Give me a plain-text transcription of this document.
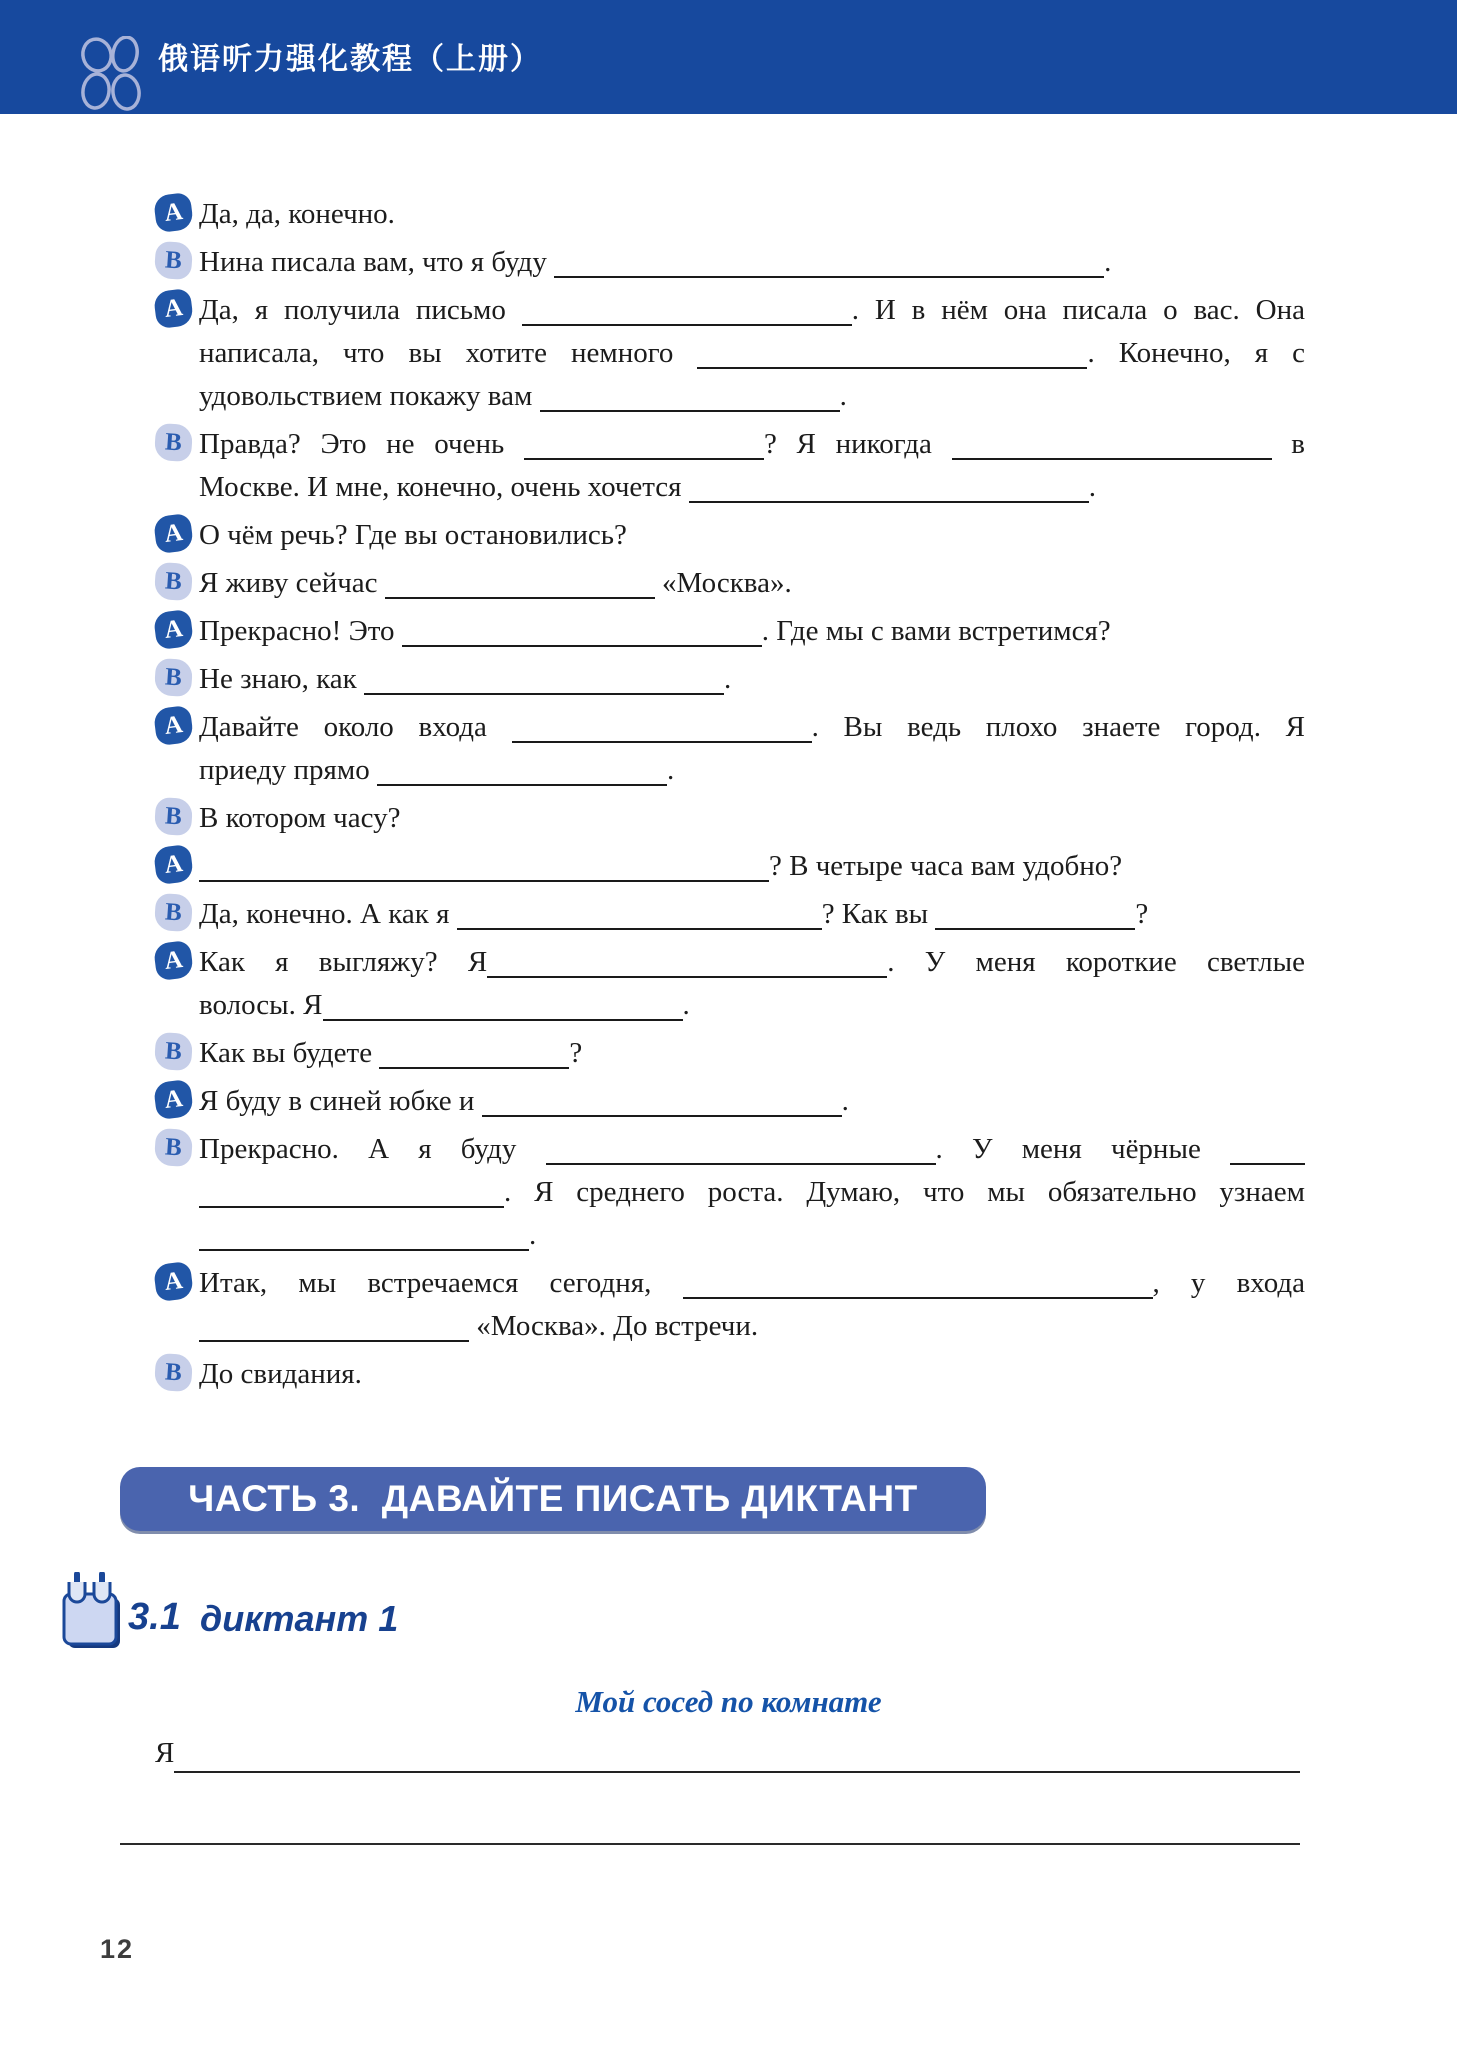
俄语听力强化教程（上册）
A Да, да, конечно.
B Нина писала вам, что я буду	.
A Да, я получила письмо	. И в нём она писала о вас. Она
написала, что вы хотите немного	. Конечно, я с
удовольствием покажу вам	.
B Правда? Это не очень	? Я никогда	в
Москве. И мне, конечно, очень хочется	.
A О чём речь? Где вы остановились?
B Я живу сейчас	«Москва».
A Прекрасно! Это	. Где мы с вами встретимся?
B Не знаю, как	.
A Давайте около входа	. Вы ведь плохо знаете город. Я
приеду прямо	.
B В котором часу?
A	? В четыре часа вам удобно?
B Да, конечно. А как я	? Как вы	?
A Как я выгляжу? Я	. У меня короткие светлые
волосы. Я	.
B Как вы будете	?
A Я буду в синей юбке и	.
B Прекрасно. А я буду	. У меня чёрные
. Я среднего роста. Думаю, что мы обязательно узнаем
.
A Итак, мы встречаемся сегодня,	, у входа
«Москва». До встречи.
B До свидания.
ЧАСТЬ 3.  ДАВАЙТЕ ПИСАТЬ ДИКТАНТ
3.1 диктант 1
Мой сосед по комнате
Я
12
